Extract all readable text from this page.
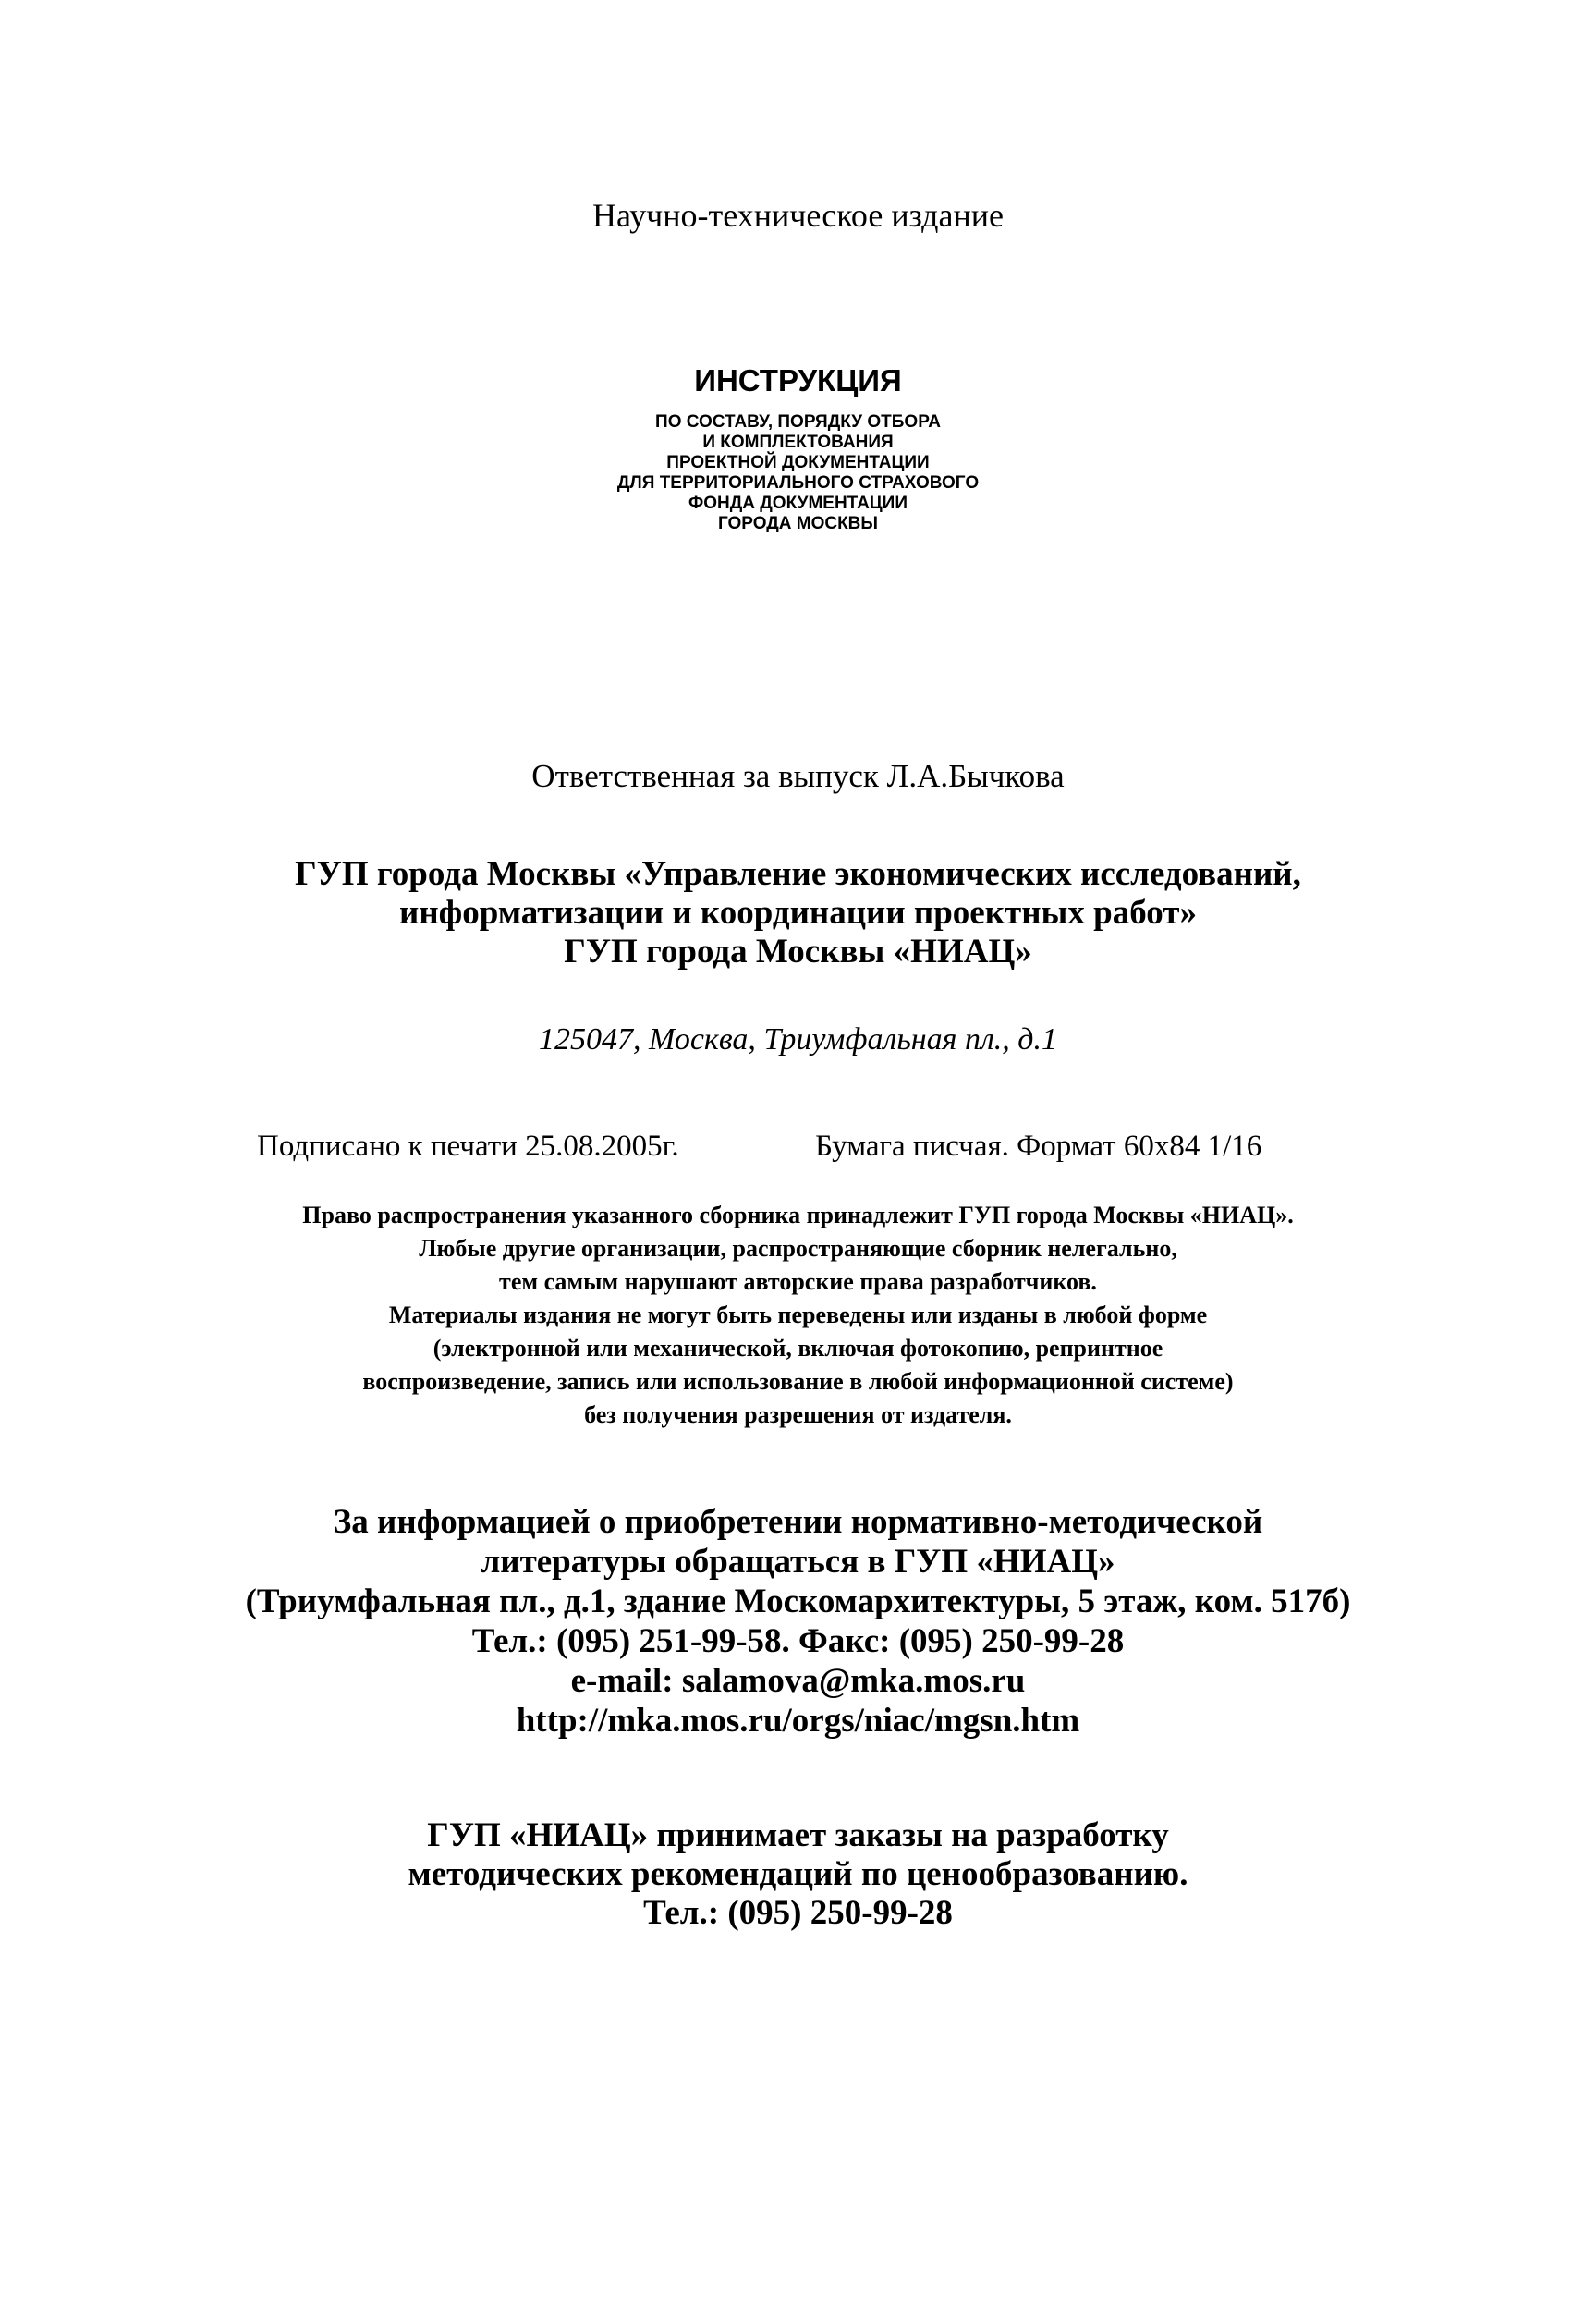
Научно-техническое издание
ИНСТРУКЦИЯ
ПО СОСТАВУ, ПОРЯДКУ ОТБОРА
И КОМПЛЕКТОВАНИЯ
ПРОЕКТНОЙ ДОКУМЕНТАЦИИ
ДЛЯ ТЕРРИТОРИАЛЬНОГО СТРАХОВОГО
ФОНДА ДОКУМЕНТАЦИИ
ГОРОДА МОСКВЫ
Ответственная за выпуск Л.А.Бычкова
ГУП города Москвы «Управление экономических исследований,
информатизации и координации проектных работ»
ГУП города Москвы «НИАЦ»
125047, Москва, Триумфальная пл., д.1
Подписано к печати 25.08.2005г.	Бумага писчая. Формат 60х84 1/16
Право распространения указанного сборника принадлежит ГУП города Москвы «НИАЦ».
Любые другие организации, распространяющие сборник нелегально,
тем самым нарушают авторские права разработчиков.
Материалы издания не могут быть переведены или изданы в любой форме
(электронной или механической, включая фотокопию, репринтное
воспроизведение, запись или использование в любой информационной системе)
без получения разрешения от издателя.
За информацией о приобретении нормативно-методической
литературы обращаться в ГУП «НИАЦ»
(Триумфальная пл., д.1, здание Москомархитектуры, 5 этаж, ком. 517б)
Тел.: (095) 251-99-58. Факс: (095) 250-99-28
e-mail: salamova@mka.mos.ru
http://mka.mos.ru/orgs/niac/mgsn.htm
ГУП «НИАЦ» принимает заказы на разработку
методических рекомендаций по ценообразованию.
Тел.: (095) 250-99-28
